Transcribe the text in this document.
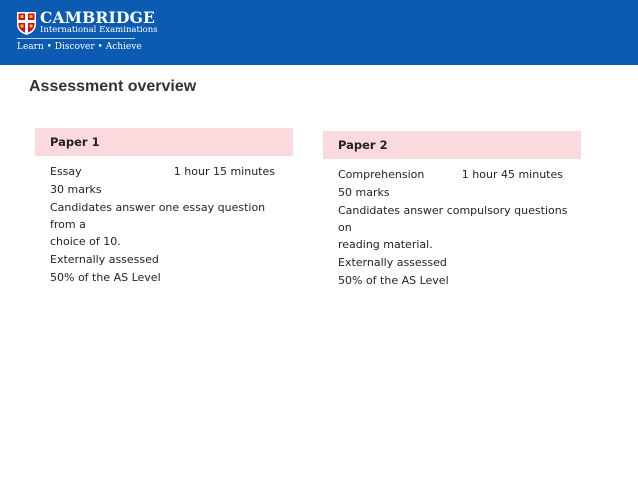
CAMBRIDGE
International Examinations
Learn • Discover • Achieve
Assessment overview
Paper 1
Essay	1 hour 15 minutes
30 marks
Candidates answer one essay question from a
choice of 10.
Externally assessed
50% of the AS Level
Paper 2
Comprehension	1 hour 45 minutes
50 marks
Candidates answer compulsory questions on
reading material.
Externally assessed
50% of the AS Level
